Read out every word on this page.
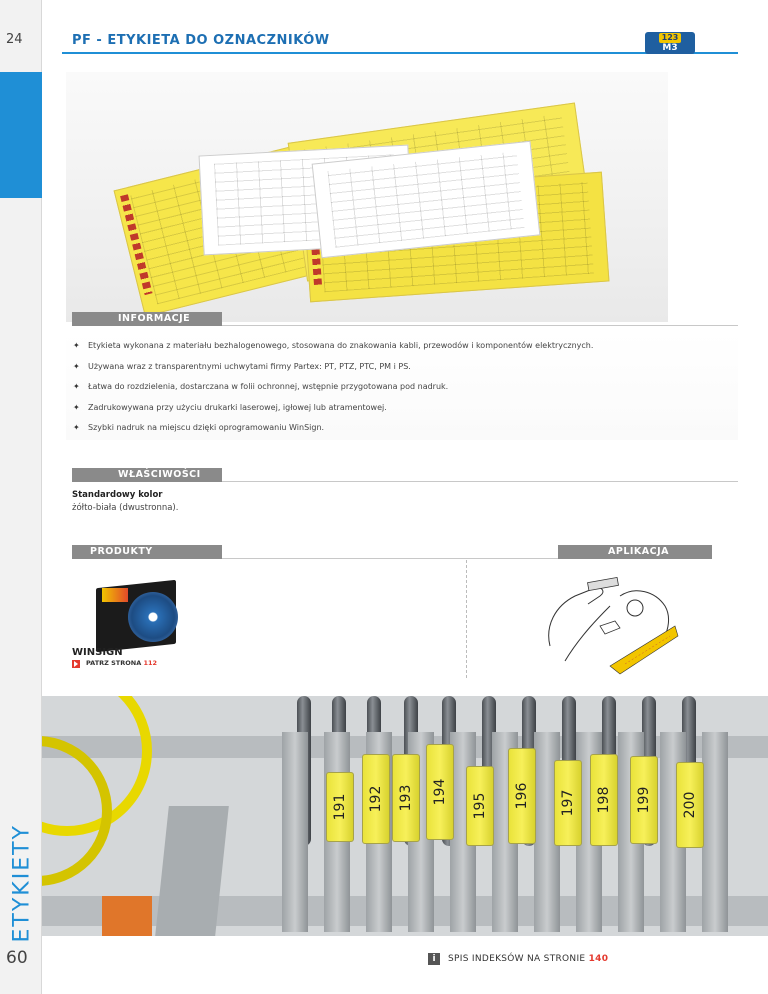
24
ETYKIETY
60
PF - ETYKIETA DO OZNACZNIKÓW	123
M3
INFORMACJE
✦ Etykieta wykonana z materiału bezhalogenowego, stosowana do znakowania kabli, przewodów i komponentów elektrycznych.
✦ Używana wraz z transparentnymi uchwytami firmy Partex: PT, PTZ, PTC, PM i PS.
✦ Łatwa do rozdzielenia, dostarczana w folii ochronnej, wstępnie przygotowana pod nadruk.
✦ Zadrukowywana przy użyciu drukarki laserowej, igłowej lub atramentowej.
✦ Szybki nadruk na miejscu dzięki oprogramowaniu WinSign.
WŁAŚCIWOŚCI
Standardowy kolor
żółto-biała (dwustronna).
PRODUKTY POWIĄZANE
APLIKACJA
WINSIGN
PATRZ STRONA 112
191 192 193 194
195 196 197 198 199 200
i	SPIS INDEKSÓW NA STRONIE 140
